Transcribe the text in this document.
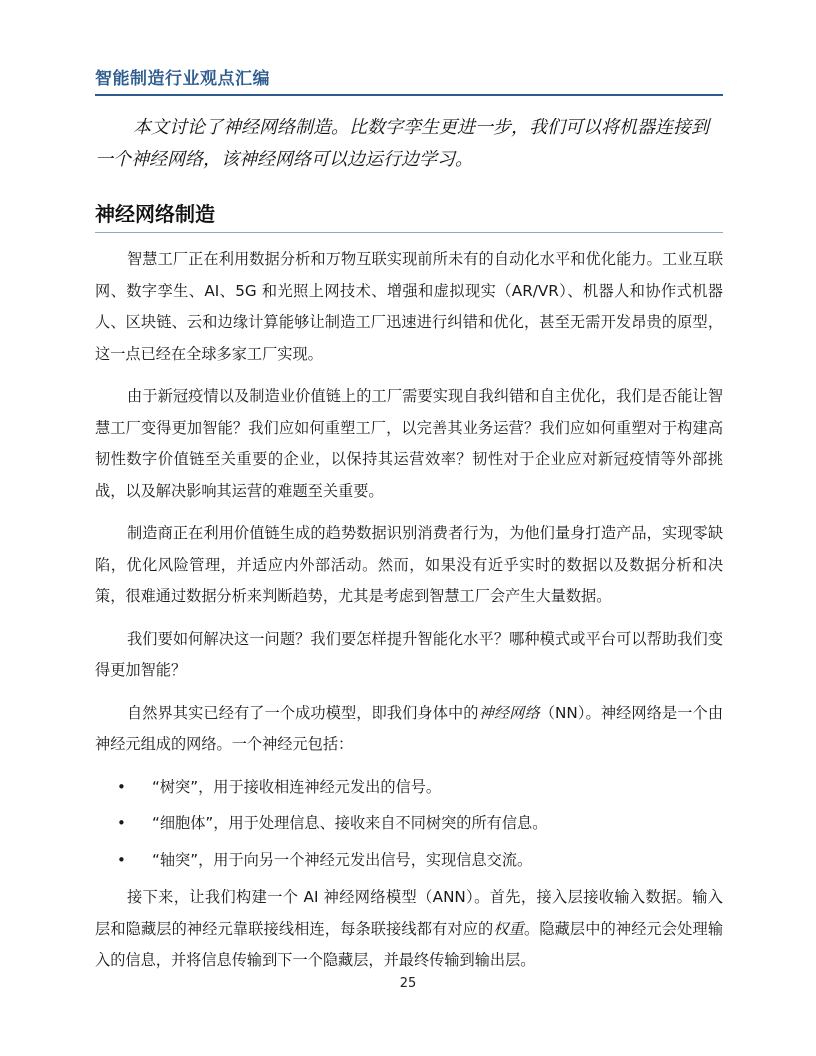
智能制造行业观点汇编
本文讨论了神经网络制造。比数字孪生更进一步，我们可以将机器连接到一个神经网络，该神经网络可以边运行边学习。
神经网络制造

智慧工厂正在利用数据分析和万物互联实现前所未有的自动化水平和优化能力。工业互联网、数字孪生、AI、5G 和光照上网技术、增强和虚拟现实（AR/VR）、机器人和协作式机器人、区块链、云和边缘计算能够让制造工厂迅速进行纠错和优化，甚至无需开发昂贵的原型，这一点已经在全球多家工厂实现。

由于新冠疫情以及制造业价值链上的工厂需要实现自我纠错和自主优化，我们是否能让智慧工厂变得更加智能？我们应如何重塑工厂，以完善其业务运营？我们应如何重塑对于构建高韧性数字价值链至关重要的企业，以保持其运营效率？韧性对于企业应对新冠疫情等外部挑战，以及解决影响其运营的难题至关重要。

制造商正在利用价值链生成的趋势数据识别消费者行为，为他们量身打造产品，实现零缺陷，优化风险管理，并适应内外部活动。然而，如果没有近乎实时的数据以及数据分析和决策，很难通过数据分析来判断趋势，尤其是考虑到智慧工厂会产生大量数据。

我们要如何解决这一问题？我们要怎样提升智能化水平？哪种模式或平台可以帮助我们变得更加智能？

自然界其实已经有了一个成功模型，即我们身体中的神经网络（NN）。神经网络是一个由神经元组成的网络。一个神经元包括：

• “树突”，用于接收相连神经元发出的信号。
• “细胞体”，用于处理信息、接收来自不同树突的所有信息。
• “轴突”，用于向另一个神经元发出信号，实现信息交流。

接下来，让我们构建一个 AI 神经网络模型（ANN）。首先，接入层接收输入数据。输入层和隐藏层的神经元靠联接线相连，每条联接线都有对应的权重。隐藏层中的神经元会处理输入的信息，并将信息传输到下一个隐藏层，并最终传输到输出层。

25
